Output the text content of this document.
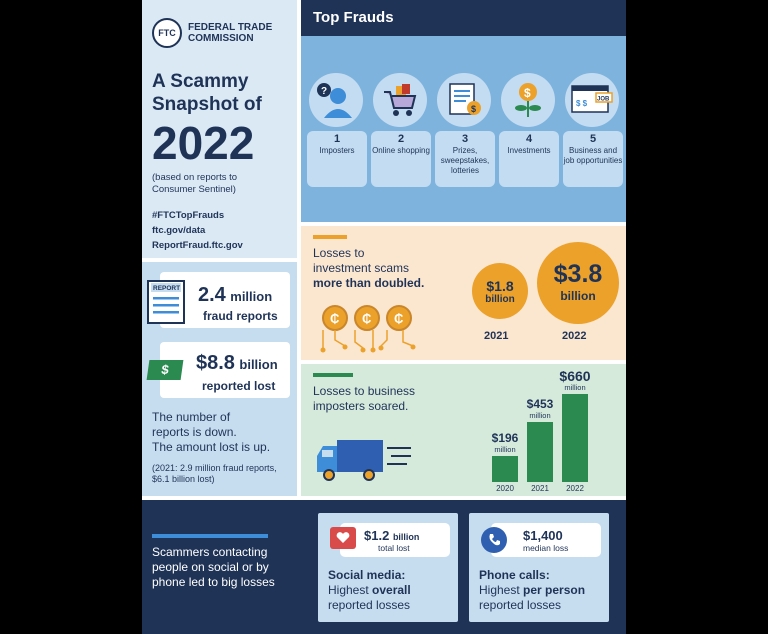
FTC	FEDERAL TRADE COMMISSION
A Scammy
Snapshot of
2022
(based on reports to Consumer Sentinel)
#FTCTopFrauds
ftc.gov/data
ReportFraud.ftc.gov
REPORT 2.4 million
fraud reports
$	$8.8 billion
reported lost
The number of
reports is down.
The amount lost is up.
(2021: 2.9 million fraud reports, $6.1 billion lost)
Top Frauds
?
$
$
$ $ JOB
1
Imposters
2
Online shopping
3
Prizes, sweepstakes, lotteries
4
Investments
5
Business and job opportunities
Losses to
investment scams
more than doubled.
₵ ₵ ₵
$1.8
billion
$3.8
billion
2021	2022
Losses to business
imposters soared.
$196
million
2020
$453
million
2021
$660
million
2022
Scammers contacting people on social or by phone led to big losses
$1.2 billion
total lost
Social media:
Highest overall
reported losses
$1,400
median loss
Phone calls:
Highest per person
reported losses
